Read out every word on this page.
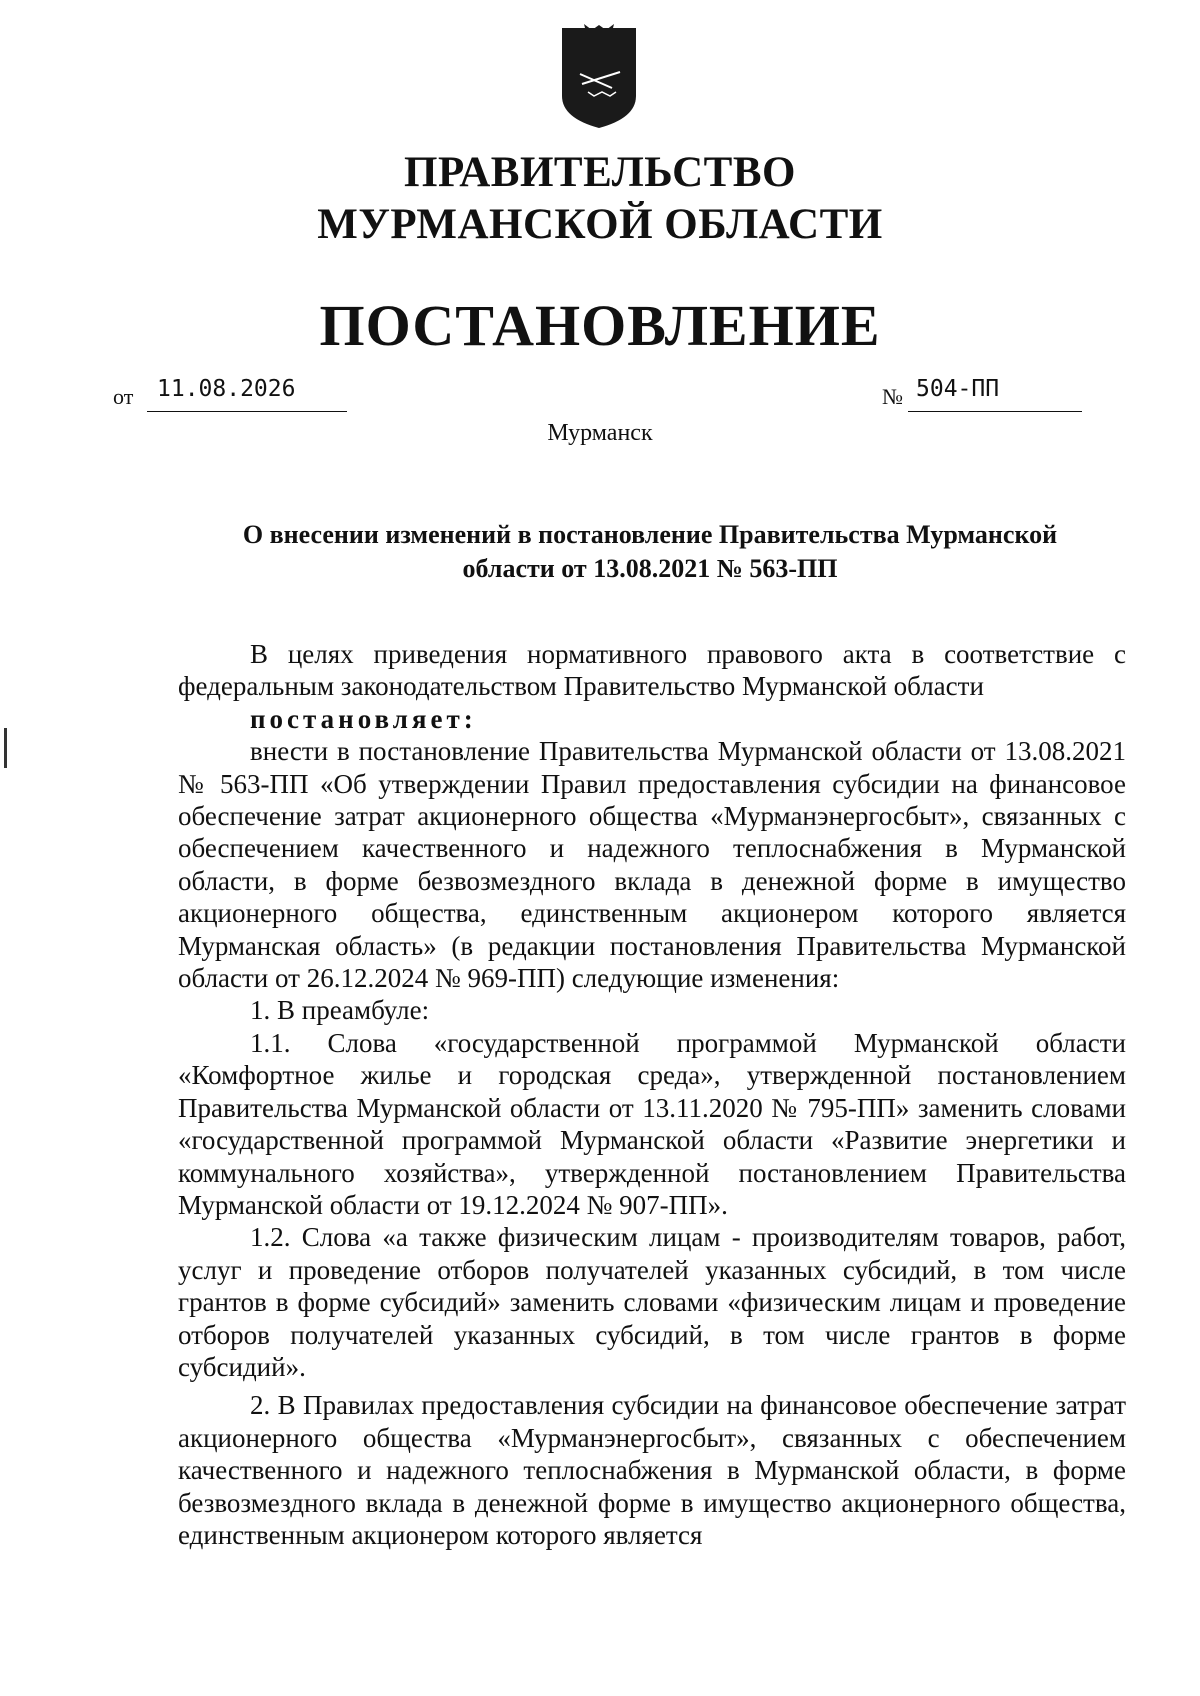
ПРАВИТЕЛЬСТВО
МУРМАНСКОЙ ОБЛАСТИ
ПОСТАНОВЛЕНИЕ
от	11.08.2026	№ 504-ПП
Мурманск
О внесении изменений в постановление Правительства Мурманской
области от 13.08.2021 № 563-ПП

В целях приведения нормативного правового акта в соответствие с федеральным законодательством Правительство Мурманской области

постановляет:

внести в постановление Правительства Мурманской области от 13.08.2021 № 563-ПП «Об утверждении Правил предоставления субсидии на финансовое обеспечение затрат акционерного общества «Мурманэнергосбыт», связанных с обеспечением качественного и надежного теплоснабжения в Мурманской области, в форме безвозмездного вклада в денежной форме в имущество акционерного общества, единственным акционером которого является Мурманская область» (в редакции постановления Правительства Мурманской области от 26.12.2024 № 969-ПП) следующие изменения:

1. В преамбуле:

1.1. Слова «государственной программой Мурманской области «Комфортное жилье и городская среда», утвержденной постановлением Правительства Мурманской области от 13.11.2020 № 795-ПП» заменить словами «государственной программой Мурманской области «Развитие энергетики и коммунального хозяйства», утвержденной постановлением Правительства Мурманской области от 19.12.2024 № 907-ПП».

1.2. Слова «а также физическим лицам - производителям товаров, работ, услуг и проведение отборов получателей указанных субсидий, в том числе грантов в форме субсидий» заменить словами «физическим лицам и проведение отборов получателей указанных субсидий, в том числе грантов в форме субсидий».

2. В Правилах предоставления субсидии на финансовое обеспечение затрат акционерного общества «Мурманэнергосбыт», связанных с обеспечением качественного и надежного теплоснабжения в Мурманской области, в форме безвозмездного вклада в денежной форме в имущество акционерного общества, единственным акционером которого является
